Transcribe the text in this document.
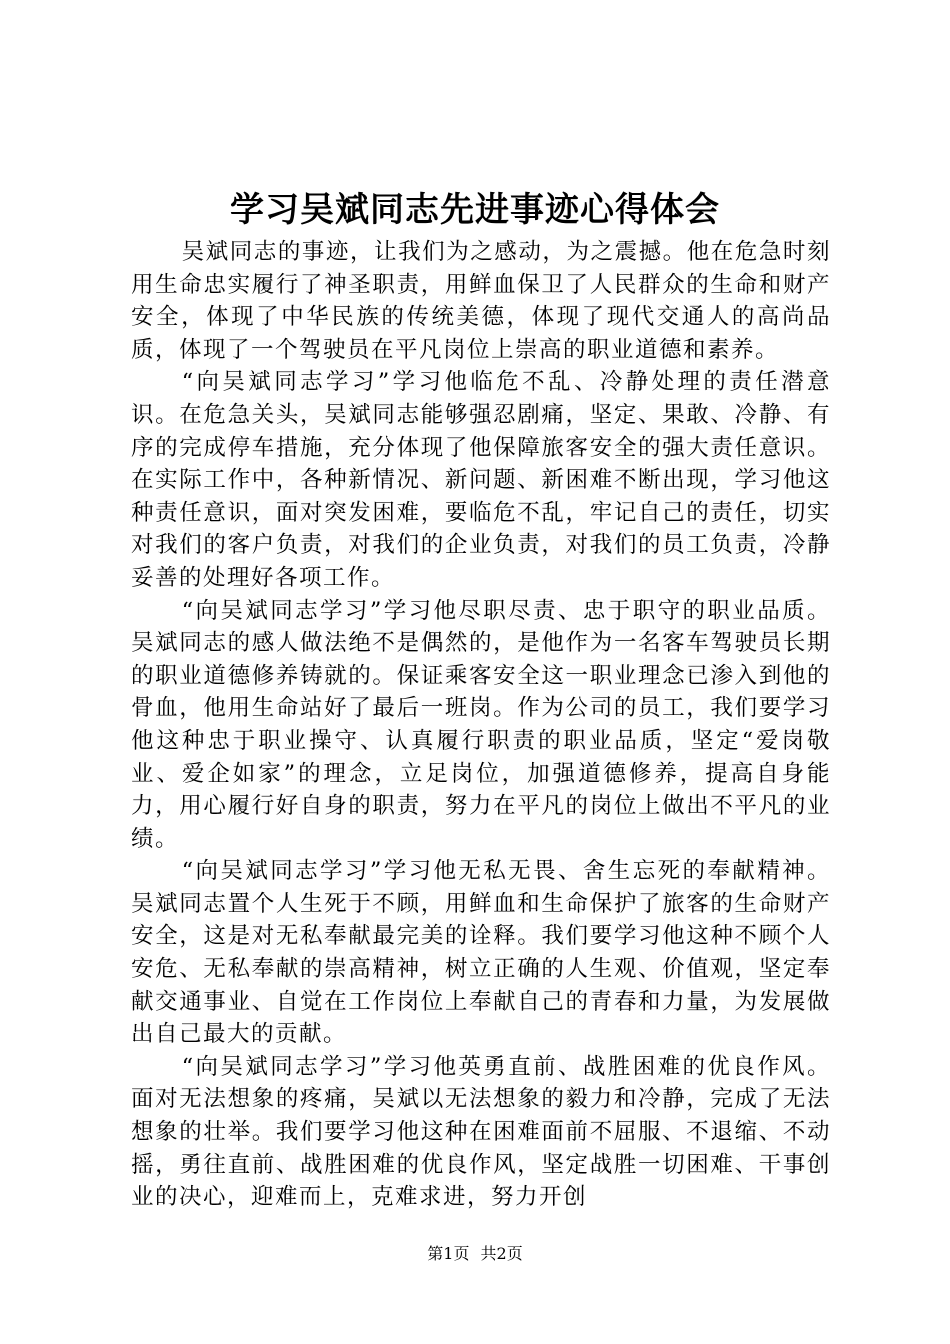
学习吴斌同志先进事迹心得体会

吴斌同志的事迹，让我们为之感动，为之震撼。他在危急时刻用生命忠实履行了神圣职责，用鲜血保卫了人民群众的生命和财产安全，体现了中华民族的传统美德，体现了现代交通人的高尚品质，体现了一个驾驶员在平凡岗位上崇高的职业道德和素养。

“向吴斌同志学习”学习他临危不乱、冷静处理的责任潜意识。在危急关头，吴斌同志能够强忍剧痛，坚定、果敢、冷静、有序的完成停车措施，充分体现了他保障旅客安全的强大责任意识。在实际工作中，各种新情况、新问题、新困难不断出现，学习他这种责任意识，面对突发困难，要临危不乱，牢记自己的责任，切实对我们的客户负责，对我们的企业负责，对我们的员工负责，冷静妥善的处理好各项工作。

“向吴斌同志学习”学习他尽职尽责、忠于职守的职业品质。吴斌同志的感人做法绝不是偶然的，是他作为一名客车驾驶员长期的职业道德修养铸就的。保证乘客安全这一职业理念已渗入到他的骨血，他用生命站好了最后一班岗。作为公司的员工，我们要学习他这种忠于职业操守、认真履行职责的职业品质，坚定“爱岗敬业、爱企如家”的理念，立足岗位，加强道德修养，提高自身能力，用心履行好自身的职责，努力在平凡的岗位上做出不平凡的业绩。

“向吴斌同志学习”学习他无私无畏、舍生忘死的奉献精神。吴斌同志置个人生死于不顾，用鲜血和生命保护了旅客的生命财产安全，这是对无私奉献最完美的诠释。我们要学习他这种不顾个人安危、无私奉献的崇高精神，树立正确的人生观、价值观，坚定奉献交通事业、自觉在工作岗位上奉献自己的青春和力量，为发展做出自己最大的贡献。

“向吴斌同志学习”学习他英勇直前、战胜困难的优良作风。面对无法想象的疼痛，吴斌以无法想象的毅力和冷静，完成了无法想象的壮举。我们要学习他这种在困难面前不屈服、不退缩、不动摇，勇往直前、战胜困难的优良作风，坚定战胜一切困难、干事创业的决心，迎难而上，克难求进，努力开创

第1页 共2页
